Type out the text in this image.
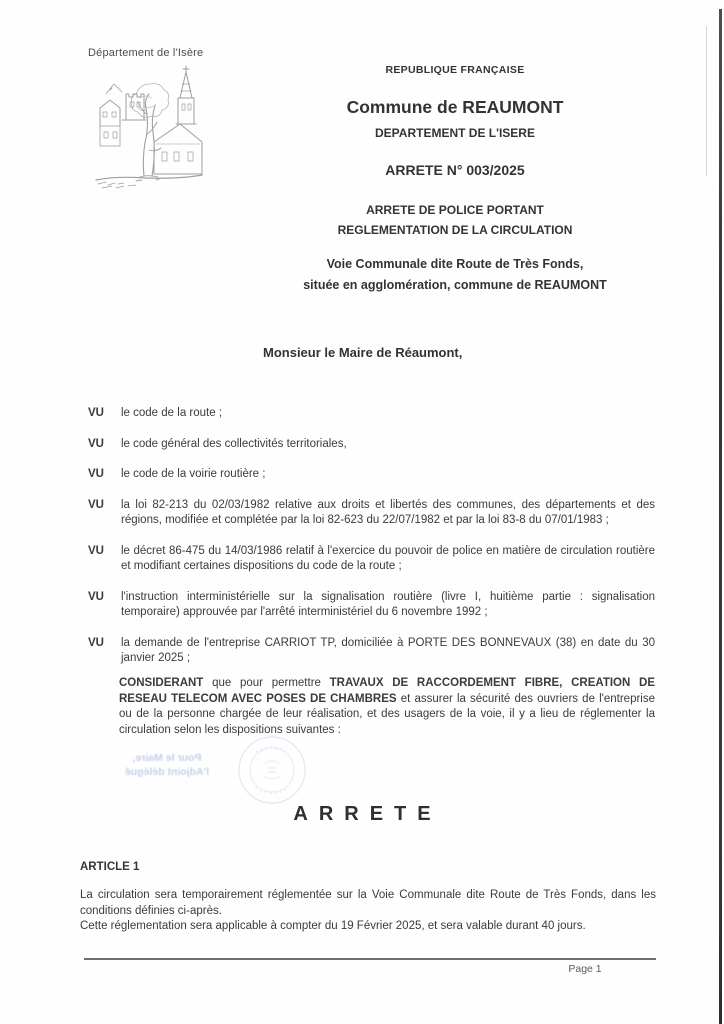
Département de l'Isère
REPUBLIQUE FRANÇAISE
Commune de REAUMONT
DEPARTEMENT DE L'ISERE
ARRETE N° 003/2025
ARRETE DE POLICE PORTANT
REGLEMENTATION DE LA CIRCULATION
Voie Communale dite Route de Très Fonds,
située en agglomération, commune de REAUMONT
Monsieur le Maire de Réaumont,
VU	le code de la route ;
VU	le code général des collectivités territoriales,
VU	le code de la voirie routière ;
VU	la loi 82-213 du 02/03/1982 relative aux droits et libertés des communes, des départements et des régions, modifiée et complétée par la loi 82-623 du 22/07/1982 et par la loi 83-8 du 07/01/1983 ;
VU	le décret 86-475 du 14/03/1986 relatif à l'exercice du pouvoir de police en matière de circulation routière et modifiant certaines dispositions du code de la route ;
VU	l'instruction interministérielle sur la signalisation routière (livre I, huitième partie : signalisation temporaire) approuvée par l'arrêté interministériel du 6 novembre 1992 ;
VU	la demande de l'entreprise CARRIOT TP, domiciliée à PORTE DES BONNEVAUX (38) en date du 30 janvier 2025 ;
CONSIDERANT que pour permettre TRAVAUX DE RACCORDEMENT FIBRE, CREATION DE RESEAU TELECOM AVEC POSES DE CHAMBRES et assurer la sécurité des ouvriers de l'entreprise ou de la personne chargée de leur réalisation, et des usagers de la voie, il y a lieu de réglementer la circulation selon les dispositions suivantes :
Pour le Maire,
l'Adjoint délégué
ARRETE
ARTICLE 1
La circulation sera temporairement réglementée sur la Voie Communale dite Route de Très Fonds, dans les conditions définies ci-après.
Cette réglementation sera applicable à compter du 19 Février 2025, et sera valable durant 40 jours.
Page 1
